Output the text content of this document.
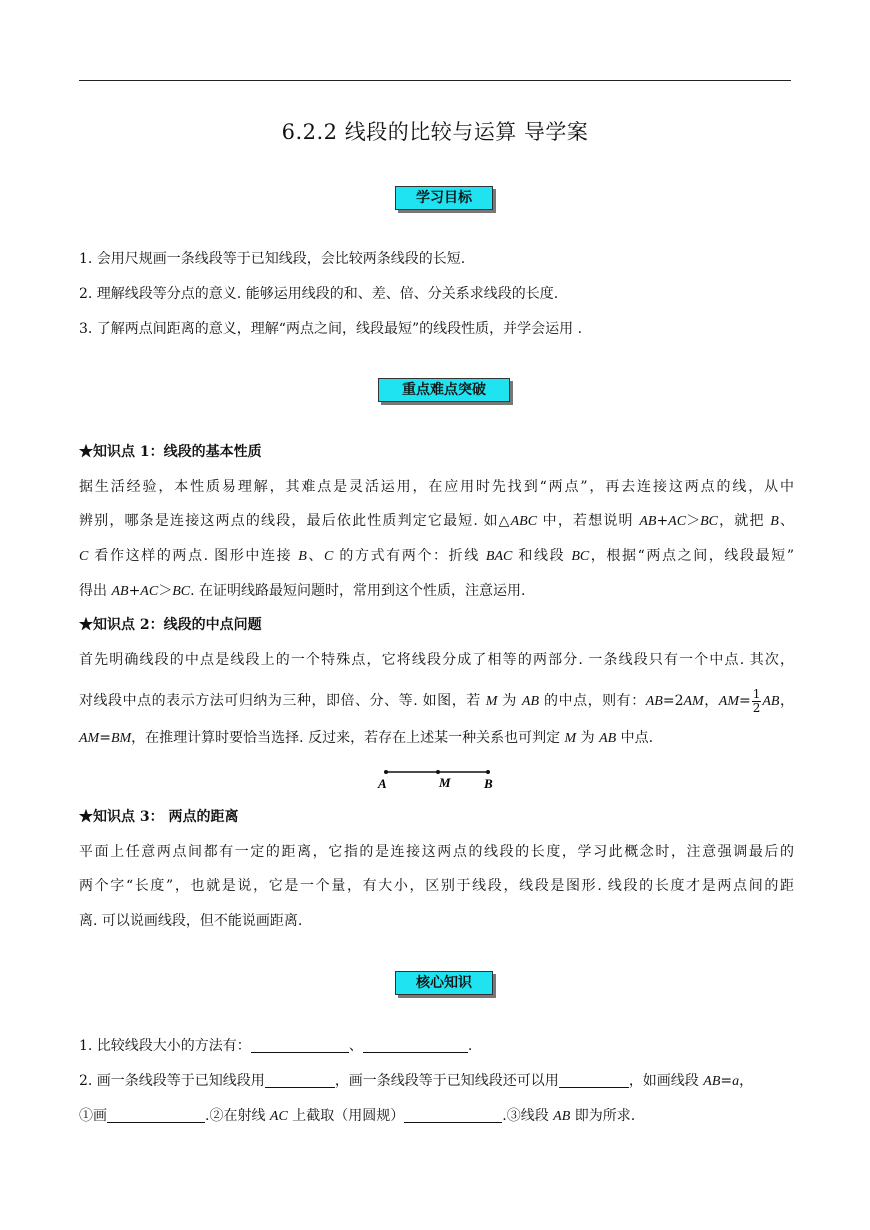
6.2.2 线段的比较与运算 导学案
学习目标
1. 会用尺规画一条线段等于已知线段，会比较两条线段的长短.
2. 理解线段等分点的意义. 能够运用线段的和、差、倍、分关系求线段的长度.
3. 了解两点间距离的意义，理解“两点之间，线段最短”的线段性质，并学会运用 .
重点难点突破
★知识点 1：线段的基本性质
据生活经验，本性质易理解，其难点是灵活运用，在应用时先找到“两点”，再去连接这两点的线，从中
辨别，哪条是连接这两点的线段，最后依此性质判定它最短. 如△ABC 中，若想说明 AB+AC＞BC，就把 B、
C 看作这样的两点. 图形中连接 B、C 的方式有两个：折线 BAC 和线段 BC，根据“两点之间，线段最短”
得出 AB+AC＞BC. 在证明线路最短问题时，常用到这个性质，注意运用.
★知识点 2：线段的中点问题
首先明确线段的中点是线段上的一个特殊点，它将线段分成了相等的两部分. 一条线段只有一个中点. 其次，
对线段中点的表示方法可归纳为三种，即倍、分、等. 如图，若 M 为 AB 的中点，则有：AB=2AM，$AM= \frac{1}{2}$ AB，
AM=BM，在推理计算时要恰当选择. 反过来，若存在上述某一种关系也可判定 M 为 AB 中点.
A	M	B
★知识点 3： 两点的距离
平面上任意两点间都有一定的距离，它指的是连接这两点的线段的长度，学习此概念时，注意强调最后的
两个字“长度”，也就是说，它是一个量，有大小，区别于线段，线段是图形. 线段的长度才是两点间的距
离. 可以说画线段，但不能说画距离.
核心知识
1. 比较线段大小的方法有：	、	.
2. 画一条线段等于已知线段用	，画一条线段等于已知线段还可以用	，如画线段 AB=a，
①画	.②在射线 AC 上截取（用圆规）	.③线段 AB 即为所求.
